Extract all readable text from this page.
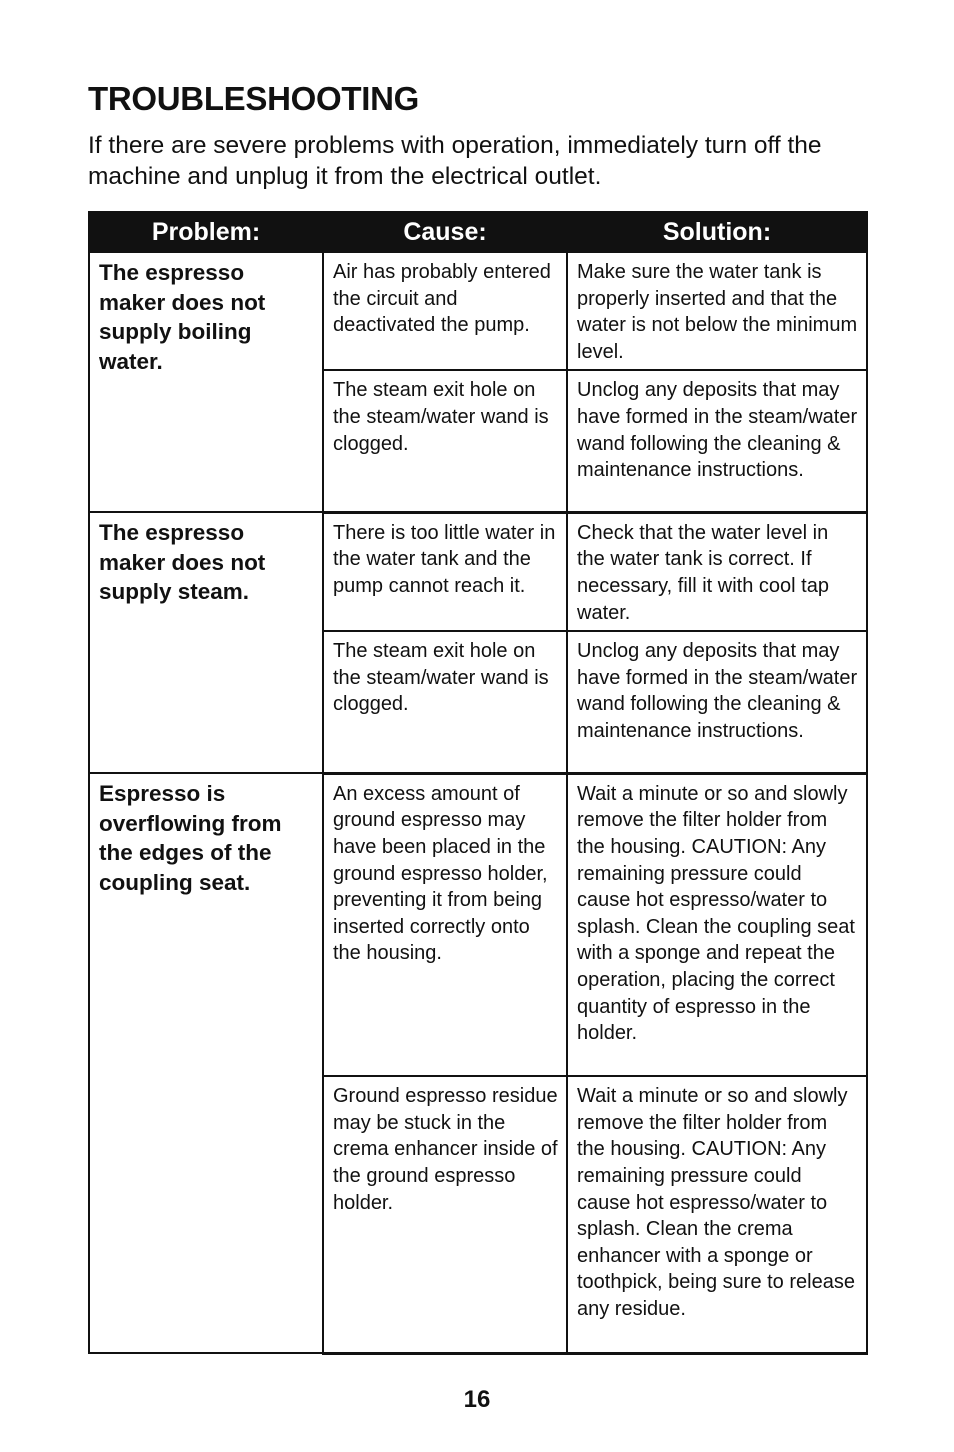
TROUBLESHOOTING

If there are severe problems with operation, immediately turn off the machine and unplug it from the electrical outlet.

Problem:	Cause:	Solution:
The espresso maker does not supply boiling water.	Air has probably entered the circuit and deactivated the pump.	Make sure the water tank is properly inserted and that the water is not below the minimum level.
	The steam exit hole on the steam/water wand is clogged.	Unclog any deposits that may have formed in the steam/water wand following the cleaning & maintenance instructions.
The espresso maker does not supply steam.	There is too little water in the water tank and the pump cannot reach it.	Check that the water level in the water tank is correct. If necessary, fill it with cool tap water.
	The steam exit hole on the steam/water wand is clogged.	Unclog any deposits that may have formed in the steam/water wand following the cleaning & maintenance instructions.
Espresso is overflowing from the edges of the coupling seat.	An excess amount of ground espresso may have been placed in the ground espresso holder, preventing it from being inserted correctly onto the housing.	Wait a minute or so and slowly remove the filter holder from the housing. CAUTION: Any remaining pressure could cause hot espresso/water to splash. Clean the coupling seat with a sponge and repeat the operation, placing the correct quantity of espresso in the holder.
	Ground espresso residue may be stuck in the crema enhancer inside of the ground espresso holder.	Wait a minute or so and slowly remove the filter holder from the housing. CAUTION: Any remaining pressure could cause hot espresso/water to splash. Clean the crema enhancer with a sponge or toothpick, being sure to release any residue.
16
